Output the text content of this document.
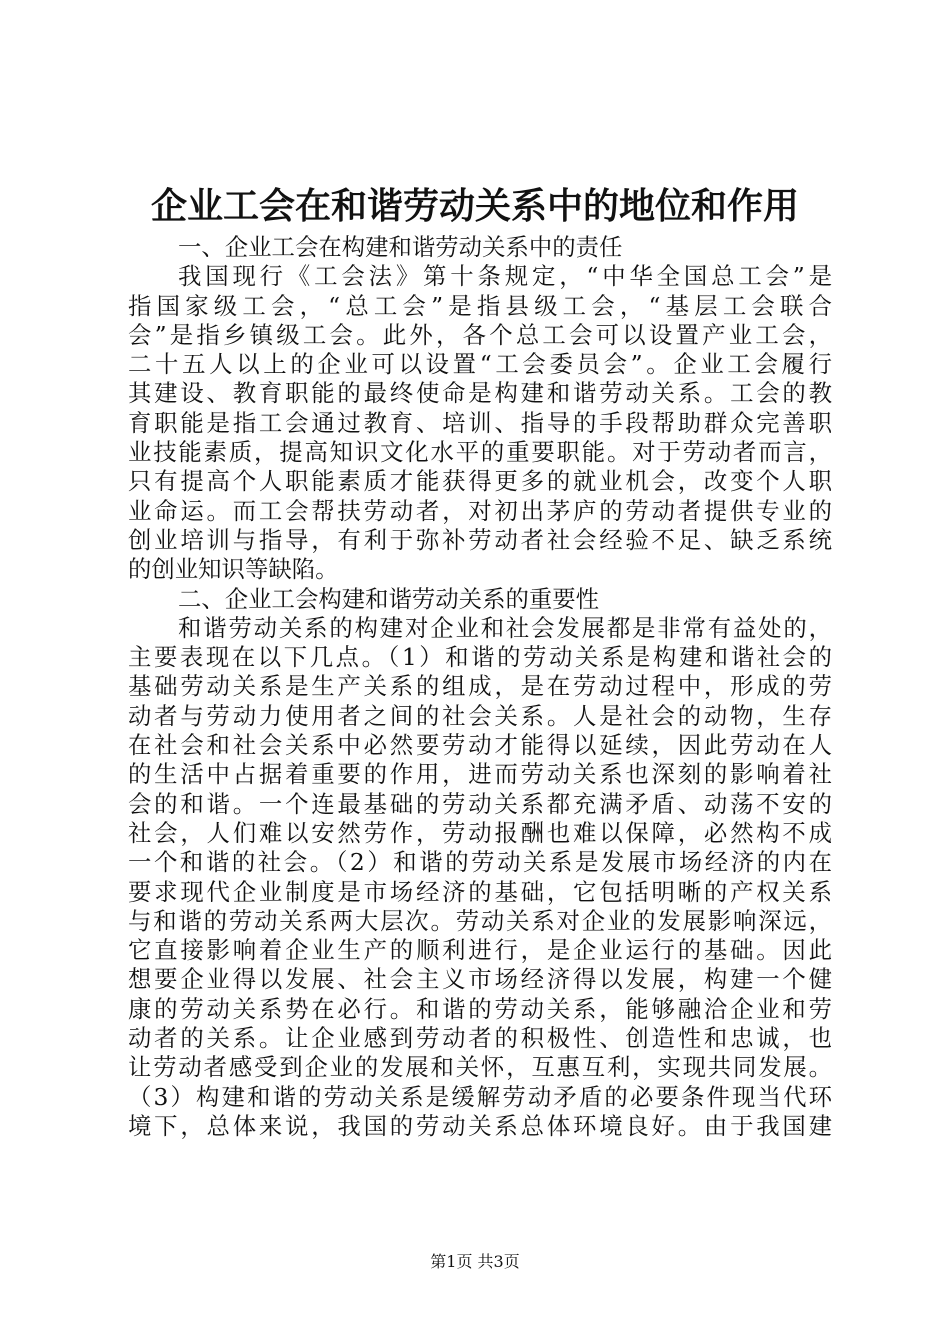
企业工会在和谐劳动关系中的地位和作用
一、企业工会在构建和谐劳动关系中的责任
我国现行《工会法》第十条规定，“中华全国总工会”是
指国家级工会，“总工会”是指县级工会，“基层工会联合
会”是指乡镇级工会。此外，各个总工会可以设置产业工会，
二十五人以上的企业可以设置“工会委员会”。企业工会履行
其建设、教育职能的最终使命是构建和谐劳动关系。工会的教
育职能是指工会通过教育、培训、指导的手段帮助群众完善职
业技能素质，提高知识文化水平的重要职能。对于劳动者而言，
只有提高个人职能素质才能获得更多的就业机会，改变个人职
业命运。而工会帮扶劳动者，对初出茅庐的劳动者提供专业的
创业培训与指导，有利于弥补劳动者社会经验不足、缺乏系统
的创业知识等缺陷。
二、企业工会构建和谐劳动关系的重要性
和谐劳动关系的构建对企业和社会发展都是非常有益处的，
主要表现在以下几点。（1）和谐的劳动关系是构建和谐社会的
基础劳动关系是生产关系的组成，是在劳动过程中，形成的劳
动者与劳动力使用者之间的社会关系。人是社会的动物，生存
在社会和社会关系中必然要劳动才能得以延续，因此劳动在人
的生活中占据着重要的作用，进而劳动关系也深刻的影响着社
会的和谐。一个连最基础的劳动关系都充满矛盾、动荡不安的
社会，人们难以安然劳作，劳动报酬也难以保障，必然构不成
一个和谐的社会。（2）和谐的劳动关系是发展市场经济的内在
要求现代企业制度是市场经济的基础，它包括明晰的产权关系
与和谐的劳动关系两大层次。劳动关系对企业的发展影响深远，
它直接影响着企业生产的顺利进行，是企业运行的基础。因此
想要企业得以发展、社会主义市场经济得以发展，构建一个健
康的劳动关系势在必行。和谐的劳动关系，能够融洽企业和劳
动者的关系。让企业感到劳动者的积极性、创造性和忠诚，也
让劳动者感受到企业的发展和关怀，互惠互利，实现共同发展。
（3）构建和谐的劳动关系是缓解劳动矛盾的必要条件现当代环
境下，总体来说，我国的劳动关系总体环境良好。由于我国建
第1页 共3页
